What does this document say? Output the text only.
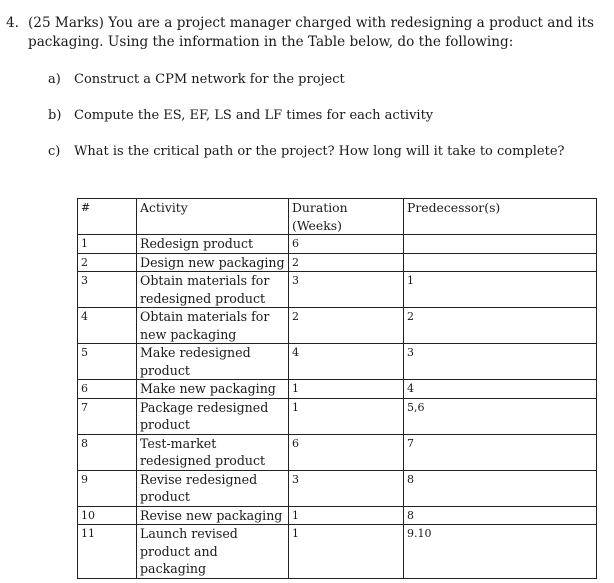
4. (25 Marks) You are a project manager charged with redesigning a product and its packaging. Using the information in the Table below, do the following:
a) Construct a CPM network for the project
b) Compute the ES, EF, LS and LF times for each activity
c) What is the critical path or the project? How long will it take to complete?
#	Activity	Duration (Weeks)	Predecessor(s)
1	Redesign product	6	
2	Design new packaging	2	
3	Obtain materials for redesigned product	3	1
4	Obtain materials for new packaging	2	2
5	Make redesigned product	4	3
6	Make new packaging	1	4
7	Package redesigned product	1	5,6
8	Test-market redesigned product	6	7
9	Revise redesigned product	3	8
10	Revise new packaging	1	8
11	Launch revised product and packaging	1	9.10
